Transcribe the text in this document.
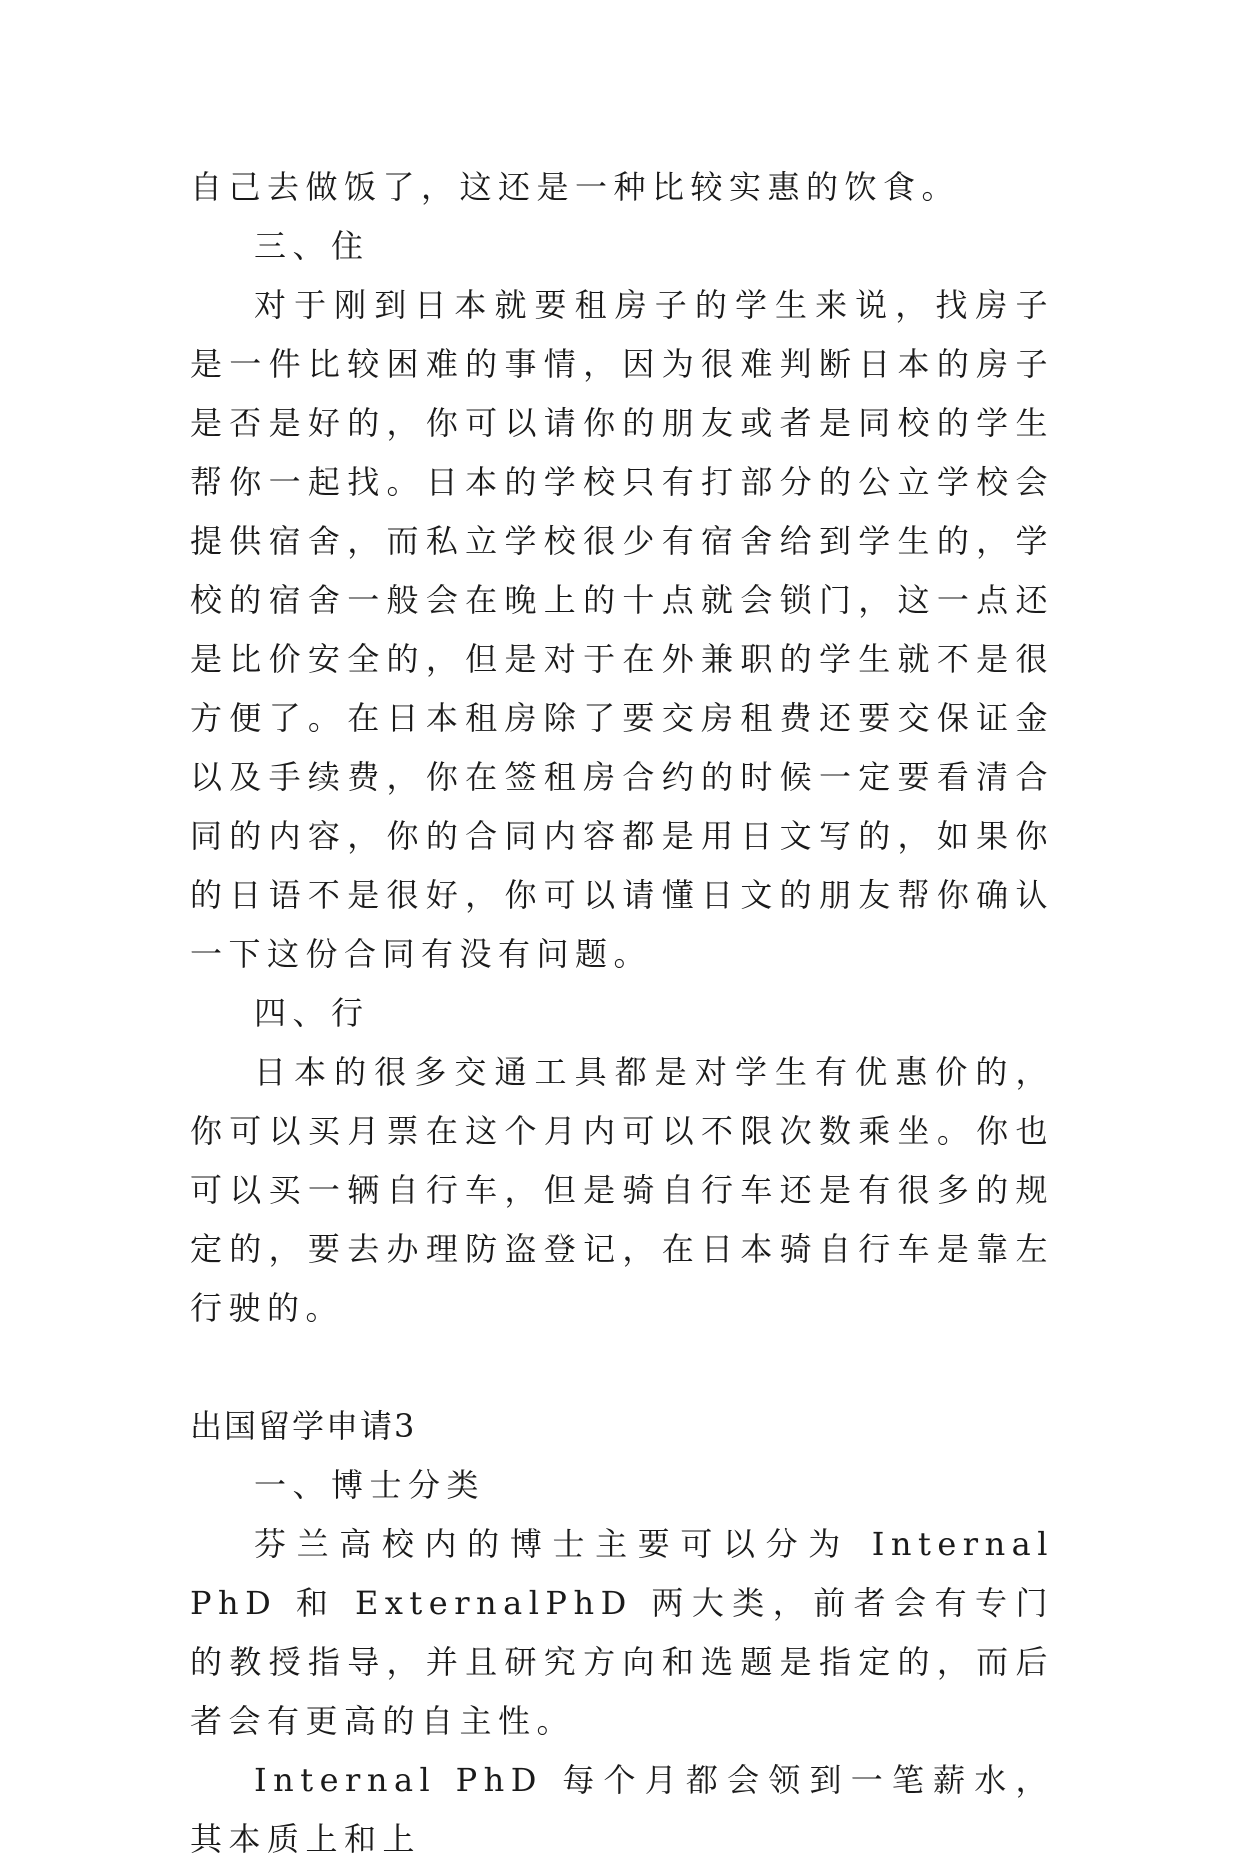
自己去做饭了，这还是一种比较实惠的饮食。

三、住

对于刚到日本就要租房子的学生来说，找房子是一件比较困难的事情，因为很难判断日本的房子是否是好的，你可以请你的朋友或者是同校的学生帮你一起找。日本的学校只有打部分的公立学校会提供宿舍，而私立学校很少有宿舍给到学生的，学校的宿舍一般会在晚上的十点就会锁门，这一点还是比价安全的，但是对于在外兼职的学生就不是很方便了。在日本租房除了要交房租费还要交保证金以及手续费，你在签租房合约的时候一定要看清合同的内容，你的合同内容都是用日文写的，如果你的日语不是很好，你可以请懂日文的朋友帮你确认一下这份合同有没有问题。

四、行

日本的很多交通工具都是对学生有优惠价的，你可以买月票在这个月内可以不限次数乘坐。你也可以买一辆自行车，但是骑自行车还是有很多的规定的，要去办理防盗登记，在日本骑自行车是靠左行驶的。

出国留学申请3

一、博士分类

芬兰高校内的博士主要可以分为 Internal PhD 和 ExternalPhD 两大类，前者会有专门的教授指导，并且研究方向和选题是指定的，而后者会有更高的自主性。

Internal PhD 每个月都会领到一笔薪水，其本质上和上
